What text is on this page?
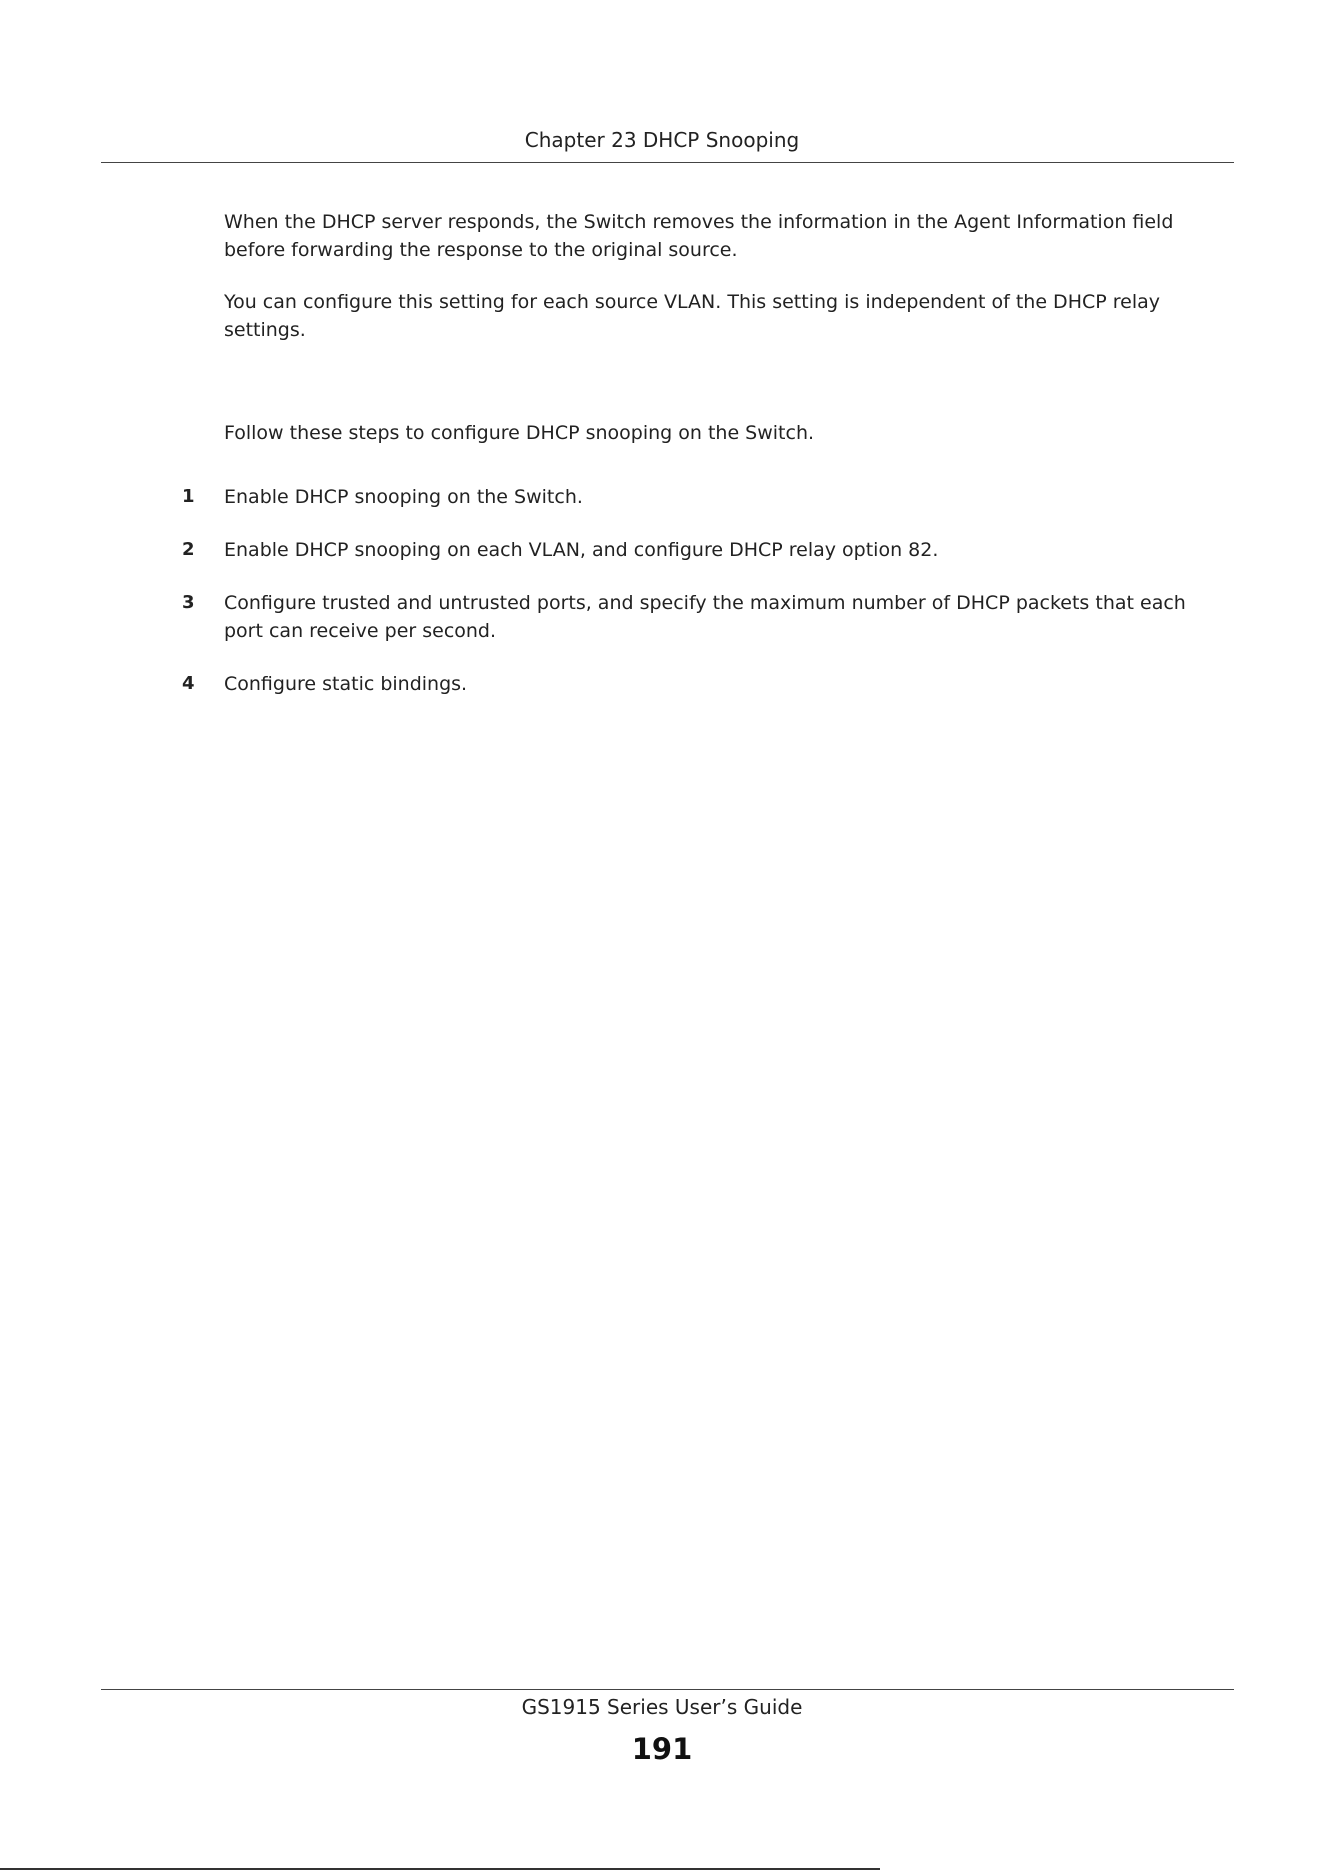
Chapter 23 DHCP Snooping

When the DHCP server responds, the Switch removes the information in the Agent Information field before forwarding the response to the original source.

You can configure this setting for each source VLAN. This setting is independent of the DHCP relay settings.

Follow these steps to configure DHCP snooping on the Switch.

1 Enable DHCP snooping on the Switch.
2 Enable DHCP snooping on each VLAN, and configure DHCP relay option 82.
3 Configure trusted and untrusted ports, and specify the maximum number of DHCP packets that each port can receive per second.
4 Configure static bindings.
GS1915 Series User’s Guide
191
